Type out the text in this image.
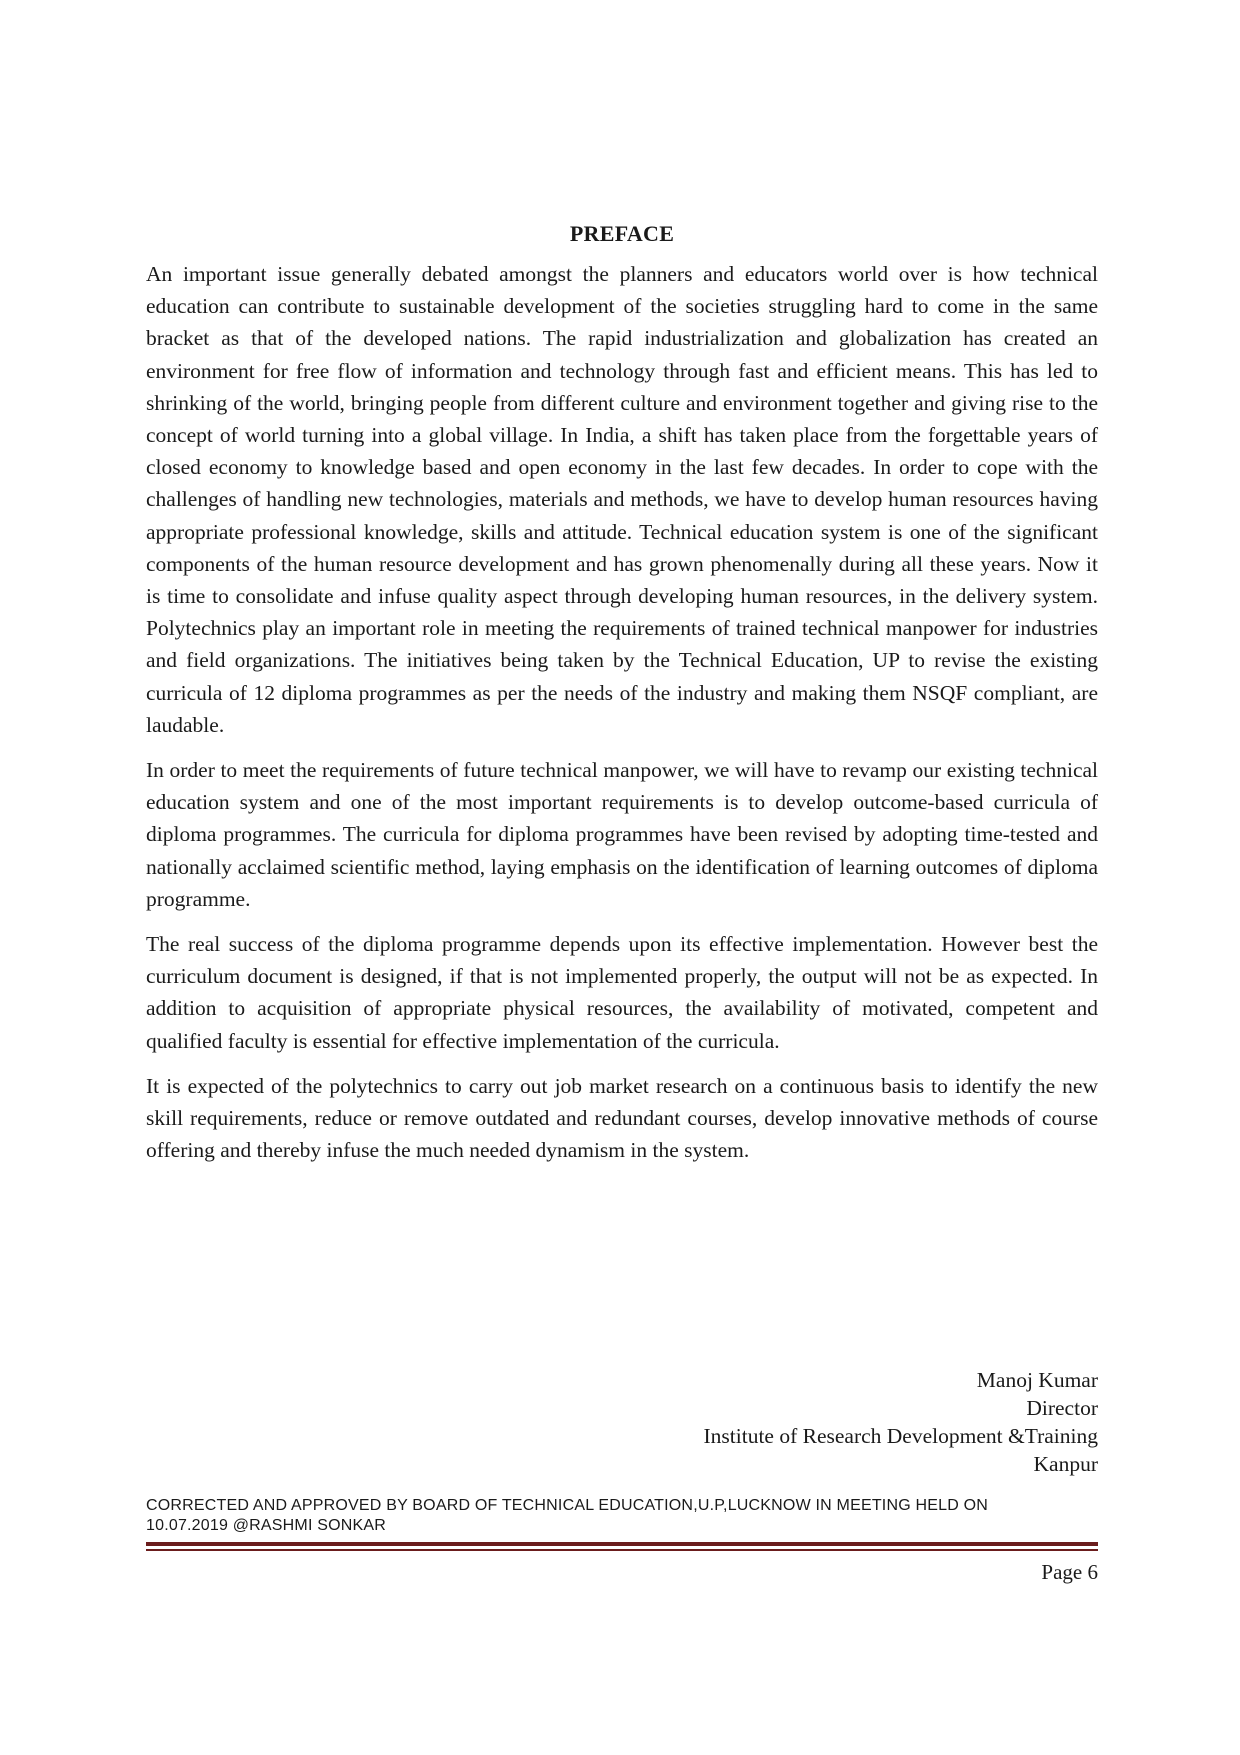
PREFACE

An important issue generally debated amongst the planners and educators world over is how technical education can contribute to sustainable development of the societies struggling hard to come in the same bracket as that of the developed nations. The rapid industrialization and globalization has created an environment for free flow of information and technology through fast and efficient means. This has led to shrinking of the world, bringing people from different culture and environment together and giving rise to the concept of world turning into a global village. In India, a shift has taken place from the forgettable years of closed economy to knowledge based and open economy in the last few decades. In order to cope with the challenges of handling new technologies, materials and methods, we have to develop human resources having appropriate professional knowledge, skills and attitude. Technical education system is one of the significant components of the human resource development and has grown phenomenally during all these years. Now it is time to consolidate and infuse quality aspect through developing human resources, in the delivery system. Polytechnics play an important role in meeting the requirements of trained technical manpower for industries and field organizations. The initiatives being taken by the Technical Education, UP to revise the existing curricula of 12 diploma programmes as per the needs of the industry and making them NSQF compliant, are laudable.

In order to meet the requirements of future technical manpower, we will have to revamp our existing technical education system and one of the most important requirements is to develop outcome-based curricula of diploma programmes. The curricula for diploma programmes have been revised by adopting time-tested and nationally acclaimed scientific method, laying emphasis on the identification of learning outcomes of diploma programme.

The real success of the diploma programme depends upon its effective implementation. However best the curriculum document is designed, if that is not implemented properly, the output will not be as expected. In addition to acquisition of appropriate physical resources, the availability of motivated, competent and qualified faculty is essential for effective implementation of the curricula.

It is expected of the polytechnics to carry out job market research on a continuous basis to identify the new skill requirements, reduce or remove outdated and redundant courses, develop innovative methods of course offering and thereby infuse the much needed dynamism in the system.

Manoj Kumar
Director
Institute of Research Development &Training
Kanpur
CORRECTED AND APPROVED BY BOARD OF TECHNICAL EDUCATION,U.P,LUCKNOW IN MEETING HELD ON
10.07.2019 @RASHMI SONKAR
Page 6
